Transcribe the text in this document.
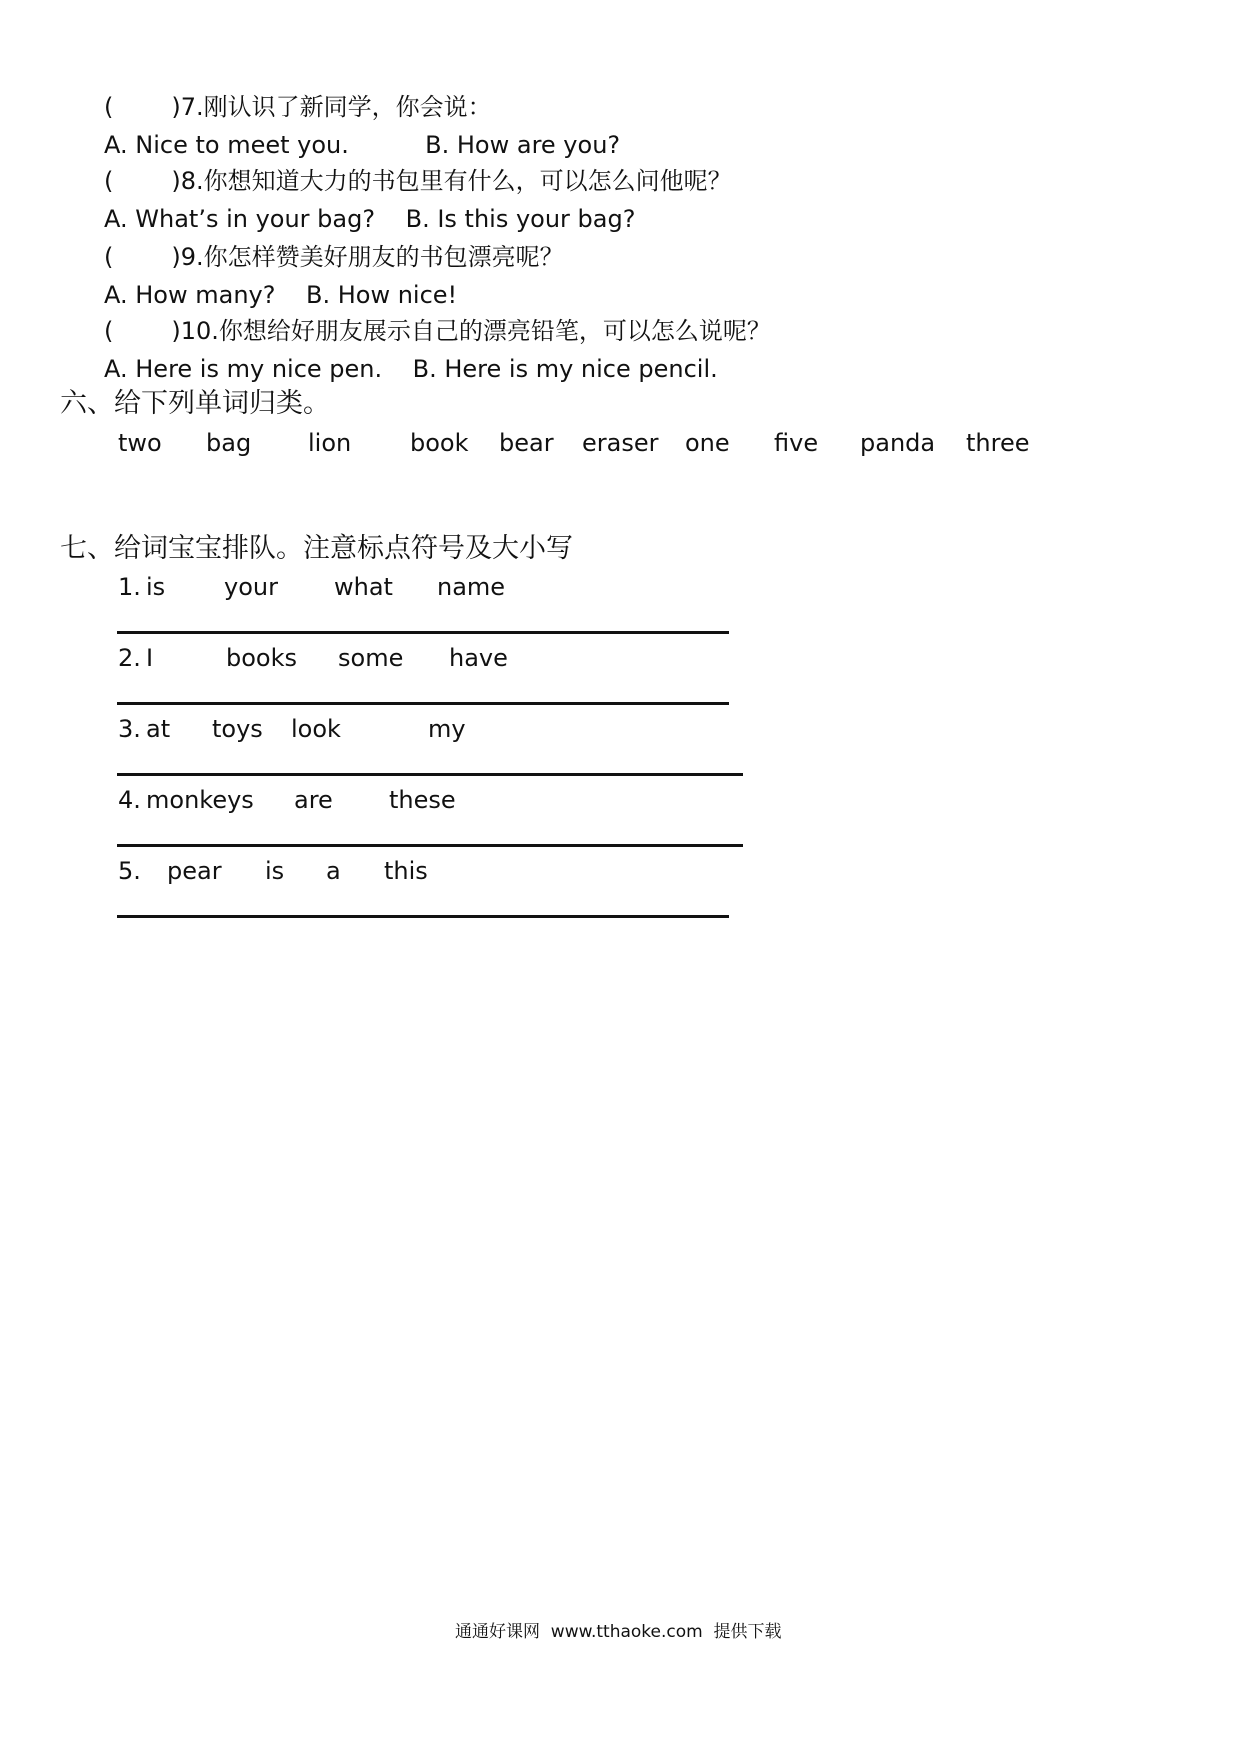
( )7.刚认识了新同学，你会说：
A. Nice to meet you.          B. How are you?
( )8.你想知道大力的书包里有什么，可以怎么问他呢？
A. What’s in your bag?    B. Is this your bag?
( )9.你怎样赞美好朋友的书包漂亮呢？
A. How many?    B. How nice!
( )10.你想给好朋友展示自己的漂亮铅笔，可以怎么说呢？
A. Here is my nice pen.    B. Here is my nice pencil.
六、给下列单词归类。
two bag lion book bear eraser one five panda three
七、给词宝宝排队。注意标点符号及大小写
1. is your what name
2. I	books some have
3. at toys look	my
4. monkeys are these
5. pear is a this
通通好课网  www.tthaoke.com  提供下载
